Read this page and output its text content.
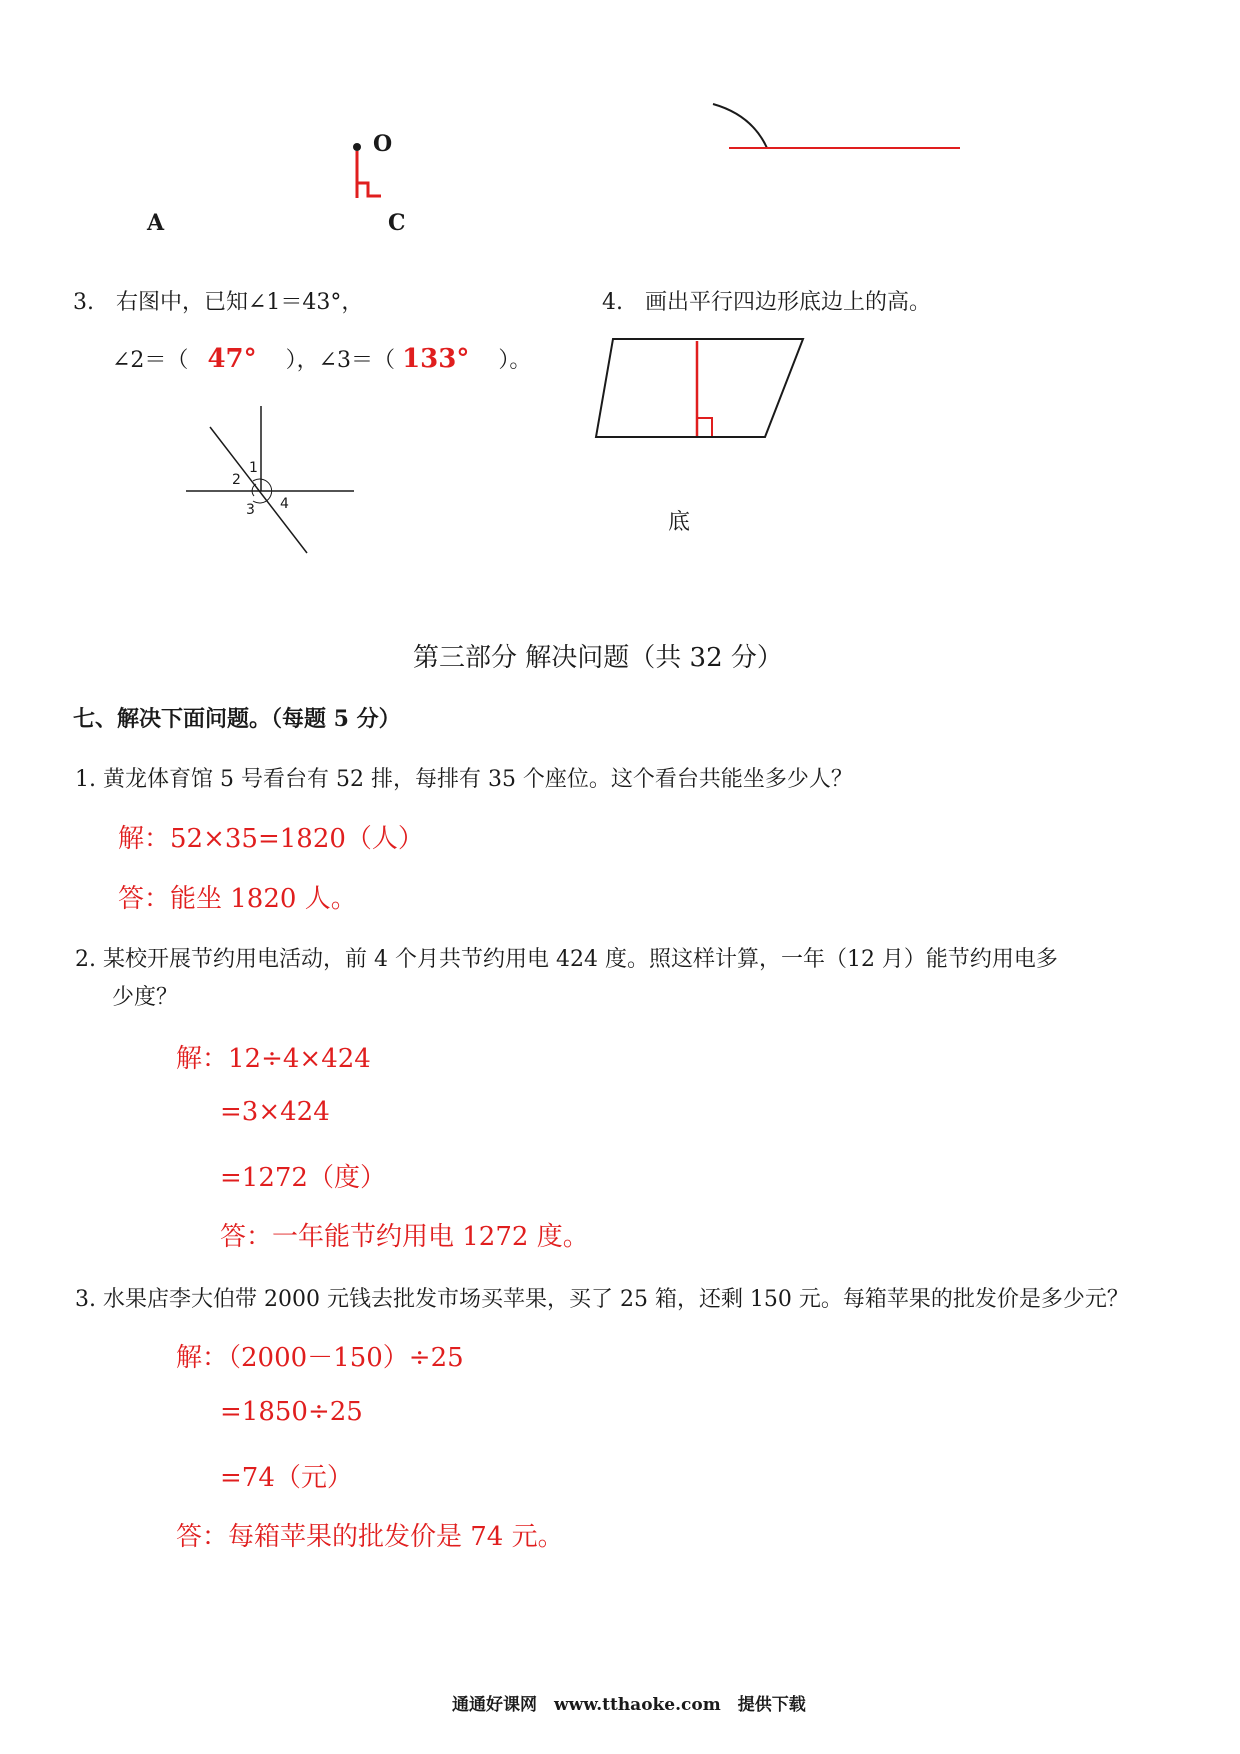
O
A	C
3.　右图中，已知∠1＝43°，
∠2＝（ 47° ），∠3＝（ 133° ）。
1
2
3 4
4.　画出平行四边形底边上的高。
底
第三部分 解决问题（共 32 分）
七、解决下面问题。（每题 5 分）
1. 黄龙体育馆 5 号看台有 52 排，每排有 35 个座位。这个看台共能坐多少人？
解：52×35=1820（人）
答：能坐 1820 人。
2. 某校开展节约用电活动，前 4 个月共节约用电 424 度。照这样计算，一年（12 月）能节约用电多
少度？
解：12÷4×424
=3×424
=1272（度）
答：一年能节约用电 1272 度。
3. 水果店李大伯带 2000 元钱去批发市场买苹果，买了 25 箱，还剩 150 元。每箱苹果的批发价是多少元？
解：（2000－150）÷25
=1850÷25
=74（元）
答：每箱苹果的批发价是 74 元。
通通好课网　www.tthaoke.com　提供下载
